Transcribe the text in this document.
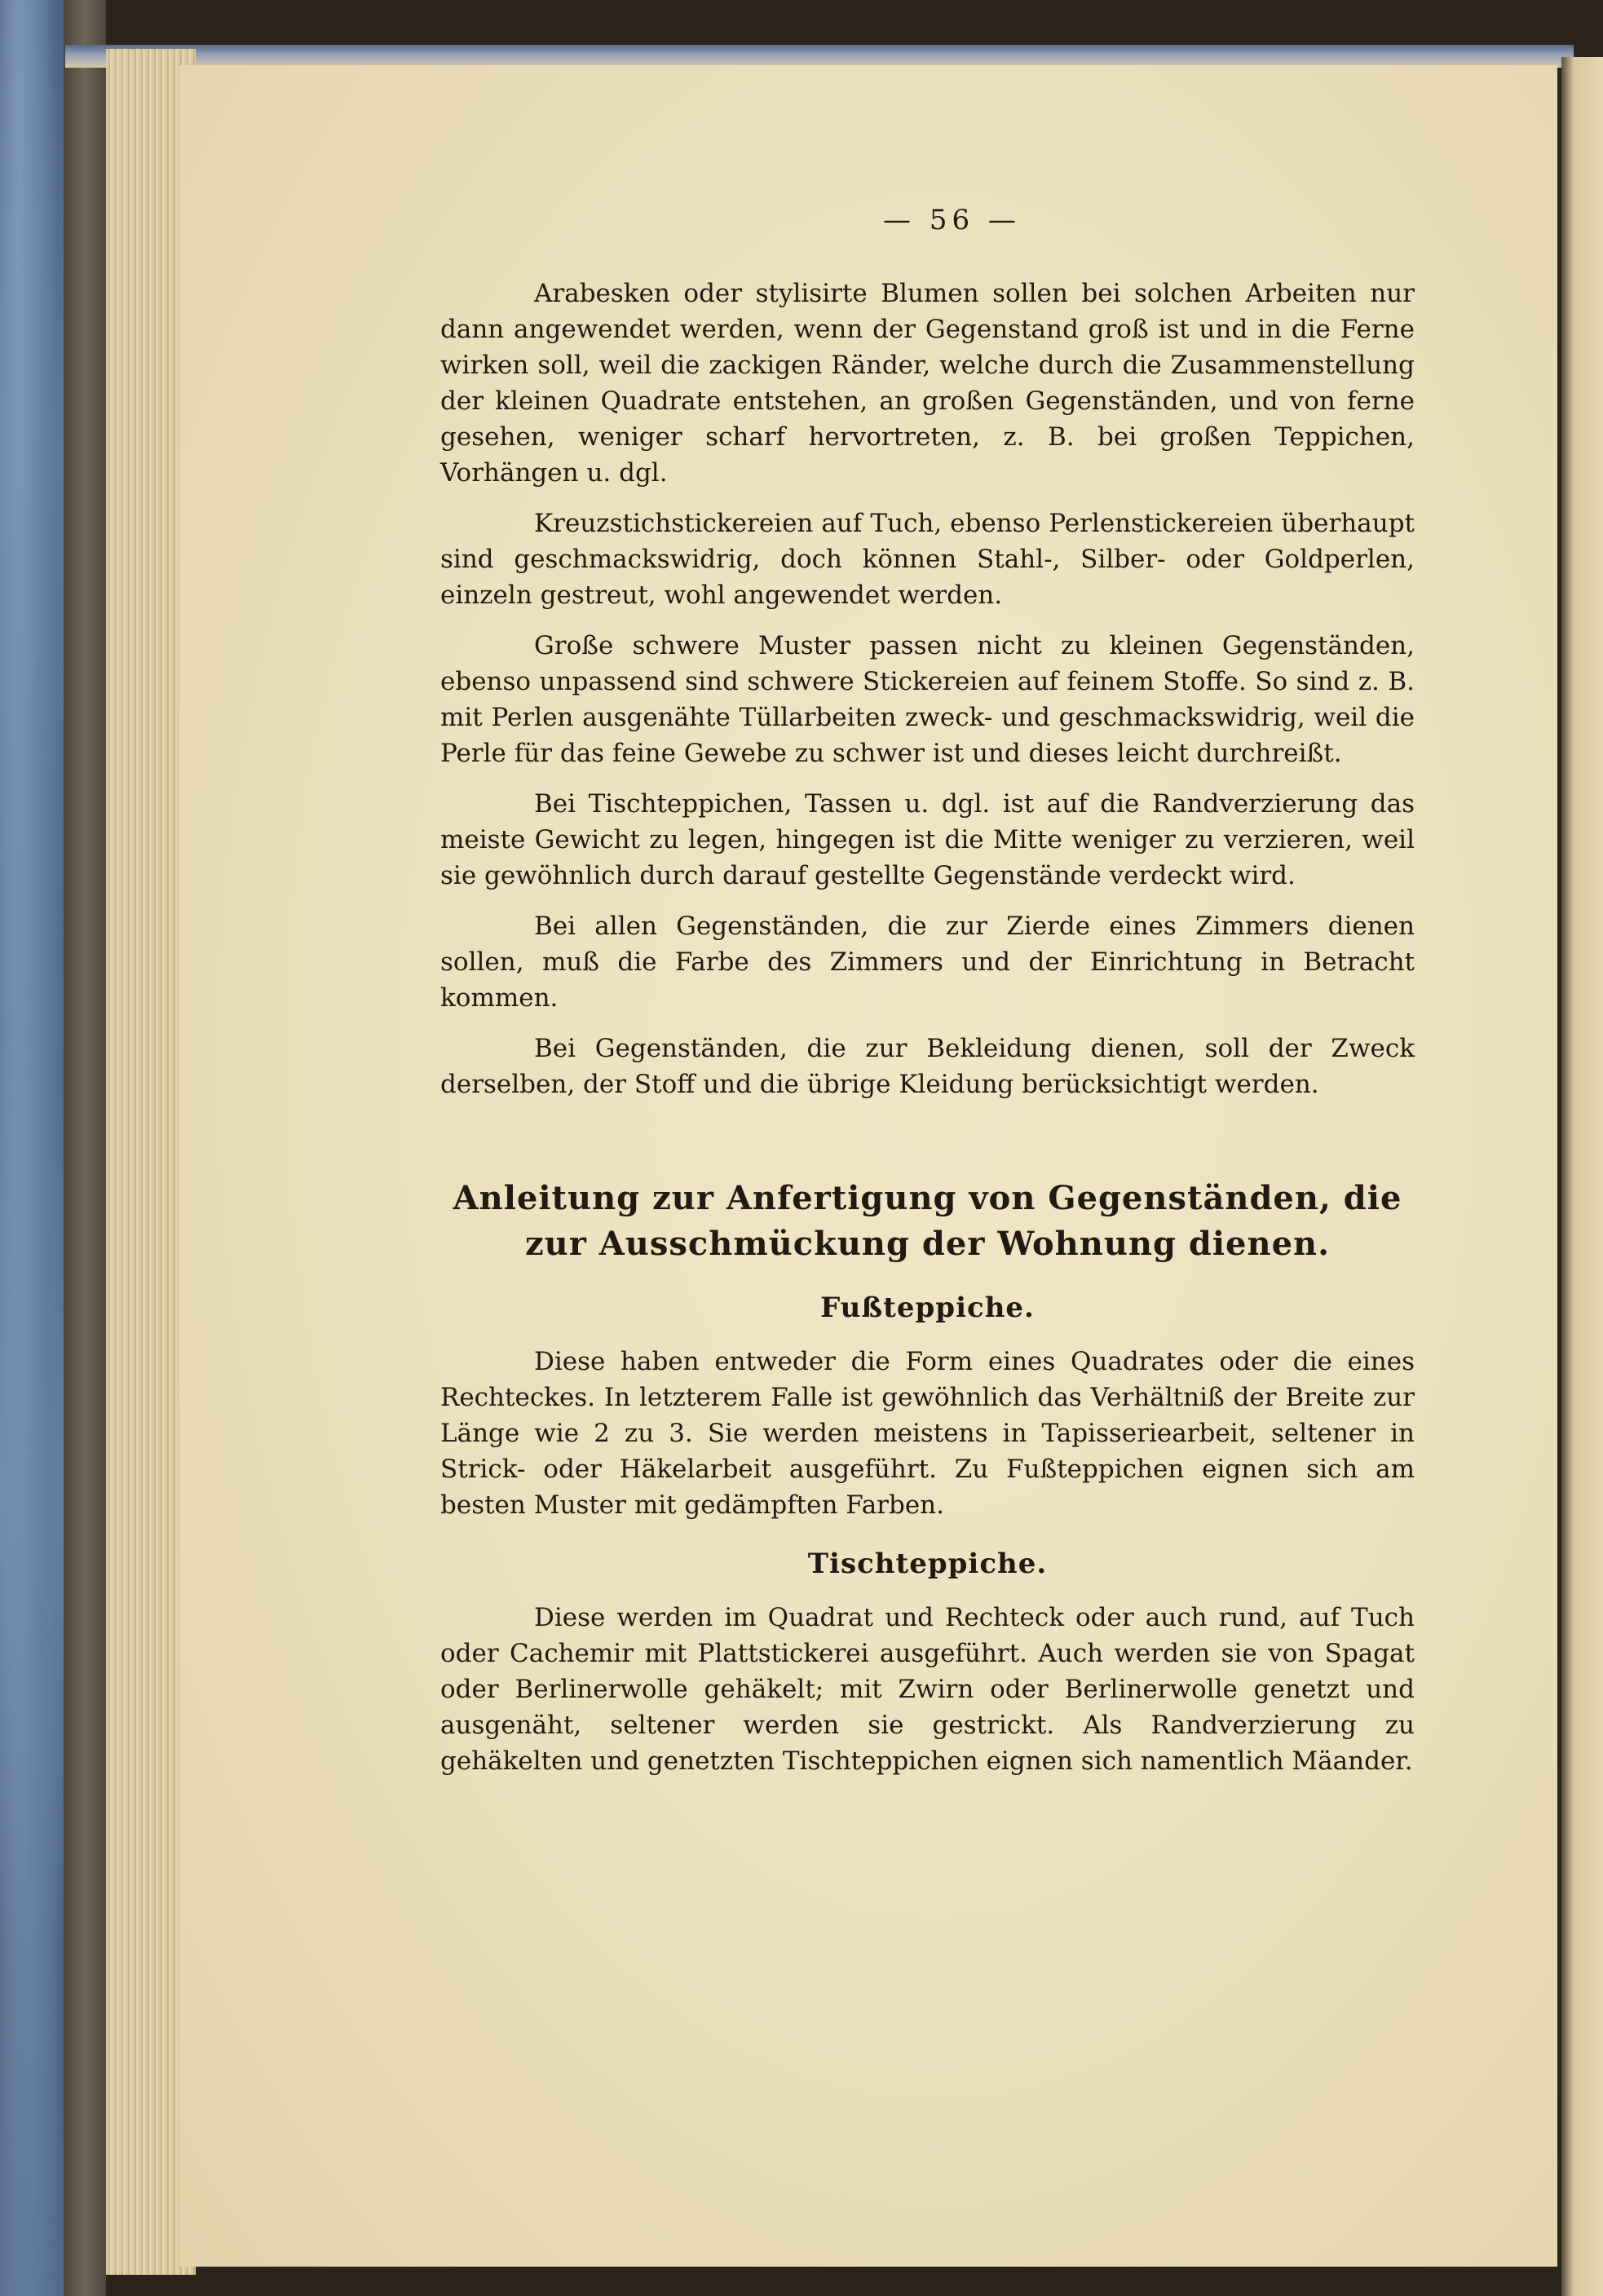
— 56 —

Arabesken oder stylisirte Blumen sollen bei solchen Arbeiten nur dann angewendet werden, wenn der Gegenstand groß ist und in die Ferne wirken soll, weil die zackigen Ränder, welche durch die Zusammenstellung der kleinen Quadrate entstehen, an großen Gegenständen, und von ferne gesehen, weniger scharf hervortreten, z. B. bei großen Teppichen, Vorhängen u. dgl.

Kreuzstichstickereien auf Tuch, ebenso Perlenstickereien überhaupt sind geschmackswidrig, doch können Stahl-, Silber- oder Goldperlen, einzeln gestreut, wohl angewendet werden.

Große schwere Muster passen nicht zu kleinen Gegenständen, ebenso unpassend sind schwere Stickereien auf feinem Stoffe. So sind z. B. mit Perlen ausgenähte Tüllarbeiten zweck- und geschmackswidrig, weil die Perle für das feine Gewebe zu schwer ist und dieses leicht durchreißt.

Bei Tischteppichen, Tassen u. dgl. ist auf die Randverzierung das meiste Gewicht zu legen, hingegen ist die Mitte weniger zu verzieren, weil sie gewöhnlich durch darauf gestellte Gegenstände verdeckt wird.

Bei allen Gegenständen, die zur Zierde eines Zimmers dienen sollen, muß die Farbe des Zimmers und der Einrichtung in Betracht kommen.

Bei Gegenständen, die zur Bekleidung dienen, soll der Zweck derselben, der Stoff und die übrige Kleidung berücksichtigt werden.

Anleitung zur Anfertigung von Gegenständen, die zur Ausschmückung der Wohnung dienen.
Fußteppiche.

Diese haben entweder die Form eines Quadrates oder die eines Rechteckes. In letzterem Falle ist gewöhnlich das Verhältniß der Breite zur Länge wie 2 zu 3. Sie werden meistens in Tapisseriearbeit, seltener in Strick- oder Häkelarbeit ausgeführt. Zu Fußteppichen eignen sich am besten Muster mit gedämpften Farben.

Tischteppiche.

Diese werden im Quadrat und Rechteck oder auch rund, auf Tuch oder Cachemir mit Plattstickerei ausgeführt. Auch werden sie von Spagat oder Berlinerwolle gehäkelt; mit Zwirn oder Berlinerwolle genetzt und ausgenäht, seltener werden sie gestrickt. Als Randverzierung zu gehäkelten und genetzten Tischteppichen eignen sich namentlich Mäander.
